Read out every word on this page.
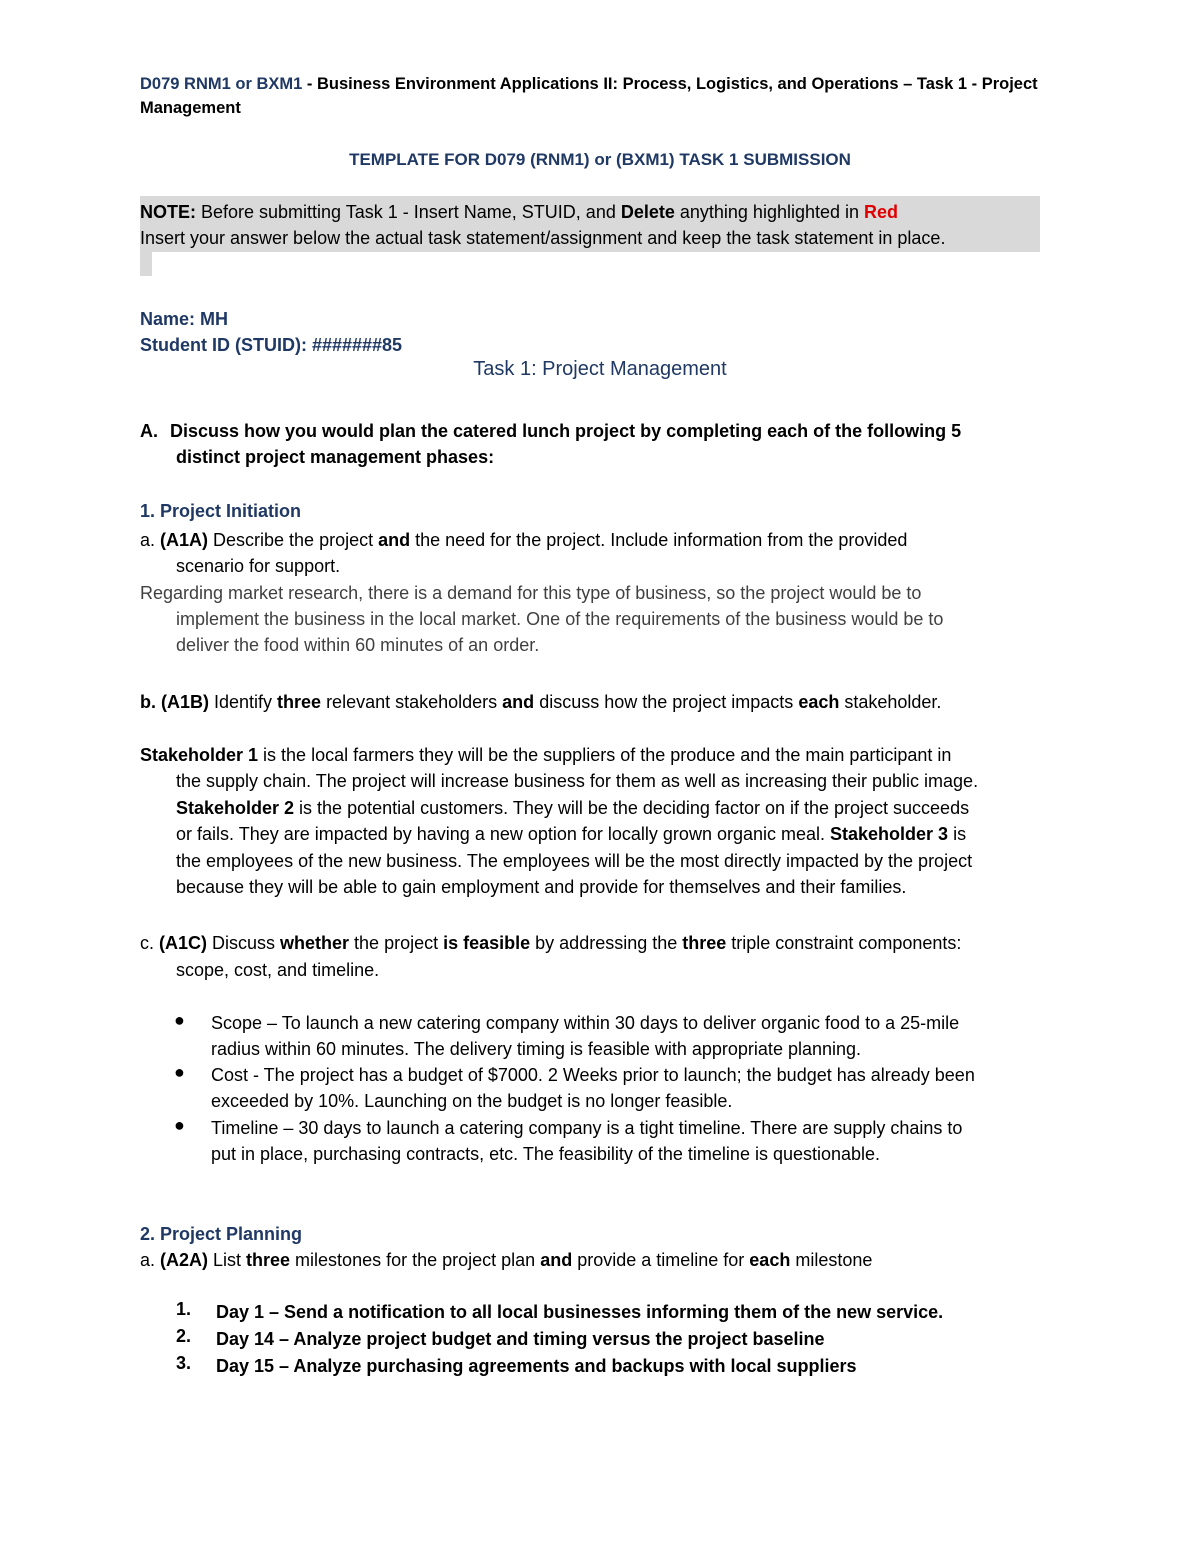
D079 RNM1 or BXM1 - Business Environment Applications II: Process, Logistics, and Operations – Task 1 - Project
Management
TEMPLATE FOR D079 (RNM1) or (BXM1) TASK 1 SUBMISSION
NOTE: Before submitting Task 1 - Insert Name, STUID, and Delete anything highlighted in Red
Insert your answer below the actual task statement/assignment and keep the task statement in place.
Name: MH
Student ID (STUID): #######85
Task 1: Project Management
A. Discuss how you would plan the catered lunch project by completing each of the following 5
distinct project management phases:
1. Project Initiation
a. (A1A) Describe the project and the need for the project. Include information from the provided
scenario for support.
Regarding market research, there is a demand for this type of business, so the project would be to
implement the business in the local market. One of the requirements of the business would be to
deliver the food within 60 minutes of an order.
b. (A1B) Identify three relevant stakeholders and discuss how the project impacts each stakeholder.
Stakeholder 1 is the local farmers they will be the suppliers of the produce and the main participant in
the supply chain. The project will increase business for them as well as increasing their public image.
Stakeholder 2 is the potential customers. They will be the deciding factor on if the project succeeds
or fails. They are impacted by having a new option for locally grown organic meal. Stakeholder 3 is
the employees of the new business. The employees will be the most directly impacted by the project
because they will be able to gain employment and provide for themselves and their families.
c. (A1C) Discuss whether the project is feasible by addressing the three triple constraint components:
scope, cost, and timeline.
● Scope – To launch a new catering company within 30 days to deliver organic food to a 25-mile
radius within 60 minutes. The delivery timing is feasible with appropriate planning.
● Cost - The project has a budget of $7000. 2 Weeks prior to launch; the budget has already been
exceeded by 10%. Launching on the budget is no longer feasible.
● Timeline – 30 days to launch a catering company is a tight timeline. There are supply chains to
put in place, purchasing contracts, etc. The feasibility of the timeline is questionable.
2. Project Planning
a. (A2A) List three milestones for the project plan and provide a timeline for each milestone
1. Day 1 – Send a notification to all local businesses informing them of the new service.
2. Day 14 – Analyze project budget and timing versus the project baseline
3. Day 15 – Analyze purchasing agreements and backups with local suppliers
